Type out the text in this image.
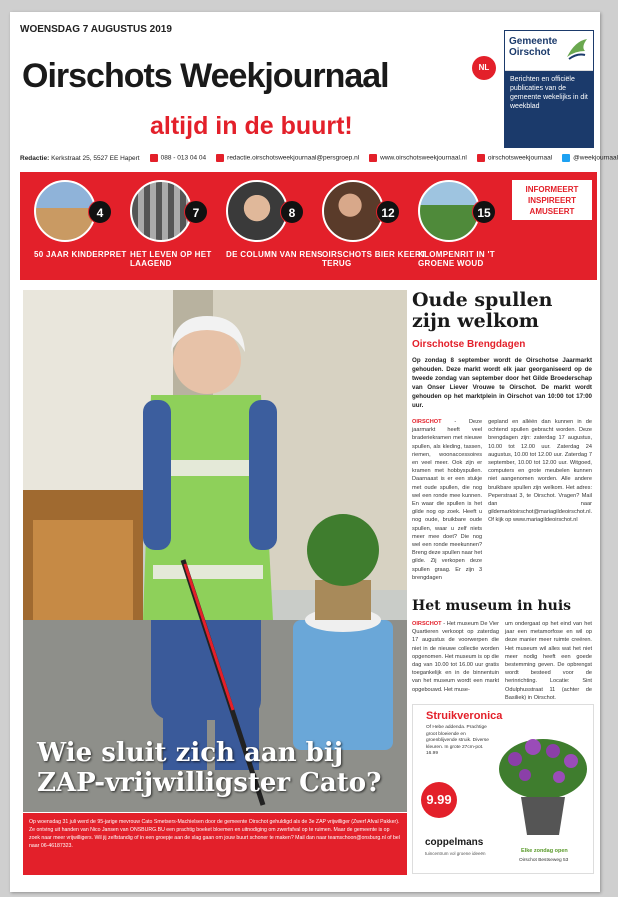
WOENSDAG 7 AUGUSTUS 2019
Oirschots Weekjournaal	NL
altijd in de buurt!
Gemeente Oirschot
Berichten en officiële publicaties van de gemeente wekelijks in dit weekblad
Redactie: Kerkstraat 25, 5527 EE Hapert	088 - 013 04 04	redactie.oirschotsweekjournaal@persgroep.nl	www.oirschotsweekjournaal.nl	oirschotsweekjournaal	@weekjournaal
4
50 JAAR KINDERPRET
7
HET LEVEN OP HET LAAGEND
8
DE COLUMN VAN RENS
12
OIRSCHOTS BIER KEERT TERUG
15
KLOMPENRIT IN 'T GROENE WOUD
INFORMEERT
INSPIREERT
AMUSEERT
Wie sluit zich aan bij
ZAP-vrijwilligster Cato?
Op woensdag 31 juli werd de 95-jarige mevrouw Cato Smetsers-Machielsen door de gemeente Oirschot gehuldigd als de 3e ZAP vrijwilliger (Zwerf Afval Pakker). Ze ontving uit handen van Nico Jansen van ONSBURG.BU een prachtig boeket bloemen en uitnodiging om zwerfafval op te ruimen. Maar de gemeente is op zoek naar meer vrijwilligers. Wil jij zelfstandig of in een groepje aan de slag gaan om jouw buurt schoner te maken? Mail dan naar teamschoon@onsburg.nl of bel naar 06-46187323.
Oude spullen
zijn welkom
Oirschotse Brengdagen
Op zondag 8 september wordt de Oirschotse Jaarmarkt gehouden. Deze markt wordt elk jaar georganiseerd op de tweede zondag van september door het Gilde Broederschap van Onser Liever Vrouwe te Oirschot. De markt wordt gehouden op het marktplein in Oirschot van 10:00 tot 17:00 uur.
OIRSCHOT - Deze jaarmarkt heeft veel braderiekramen met nieuwe spullen, als kleding, tassen, riemen, woonaccessoires en veel meer. Ook zijn er kramen met hobbyspullen. Daarnaast is er een stukje met oude spullen, die nog wel een ronde mee kunnen. En waar die spullen is het gilde nog op zoek. Heeft u nog oude, bruikbare oude spullen, waar u zelf niets meer mee doet? Die nog wel een ronde meekunnen? Breng deze spullen naar het gilde. Zij verkopen deze spullen graag. Er zijn 3 brengdagen
gepland en alléén dan kunnen in de ochtend spullen gebracht worden. Deze brengdagen zijn: zaterdag 17 augustus, 10.00 tot 12.00 uur. Zaterdag 24 augustus, 10.00 tot 12.00 uur. Zaterdag 7 september, 10.00 tot 12.00 uur. Witgoed, computers en grote meubelen kunnen niet aangenomen worden. Alle andere bruikbare spullen zijn welkom. Het adres: Peperstraat 3, te Oirschot. Vragen? Mail dan naar gildemarktoirschot@mariagildeoirschot.nl. Of kijk op www.mariagildeoirschot.nl
Het museum in huis
OIRSCHOT - Het museum De Vier Quartieren verkoopt op zaterdag 17 augustus de voorwerpen die niet in de nieuwe collectie worden opgenomen. Het museum is op die dag van 10.00 tot 16.00 uur gratis toegankelijk en in de binnentuin van het museum wordt een markt opgebouwd. Het muse-
um ondergaat op het eind van het jaar een metamorfose en wil op deze manier meer ruimte creëren. Het museum wil alles wat het niet meer nodig heeft een goede bestemming geven. De opbrengst wordt besteed voor de herinrichting. Locatie: Sint Odulphusstraat 11 (achter de Basiliek) in Oirschot.
Struikveronica
Of Hebe addenda. Prachtige groot bloeiende en groenblijvende struik. Diverse kleuren. In grote 27cm-pot. 16.99
9.99
coppelmans
tuincentrum vol groene ideeën	Elke zondag open
Oirschot Bestseweg 53
